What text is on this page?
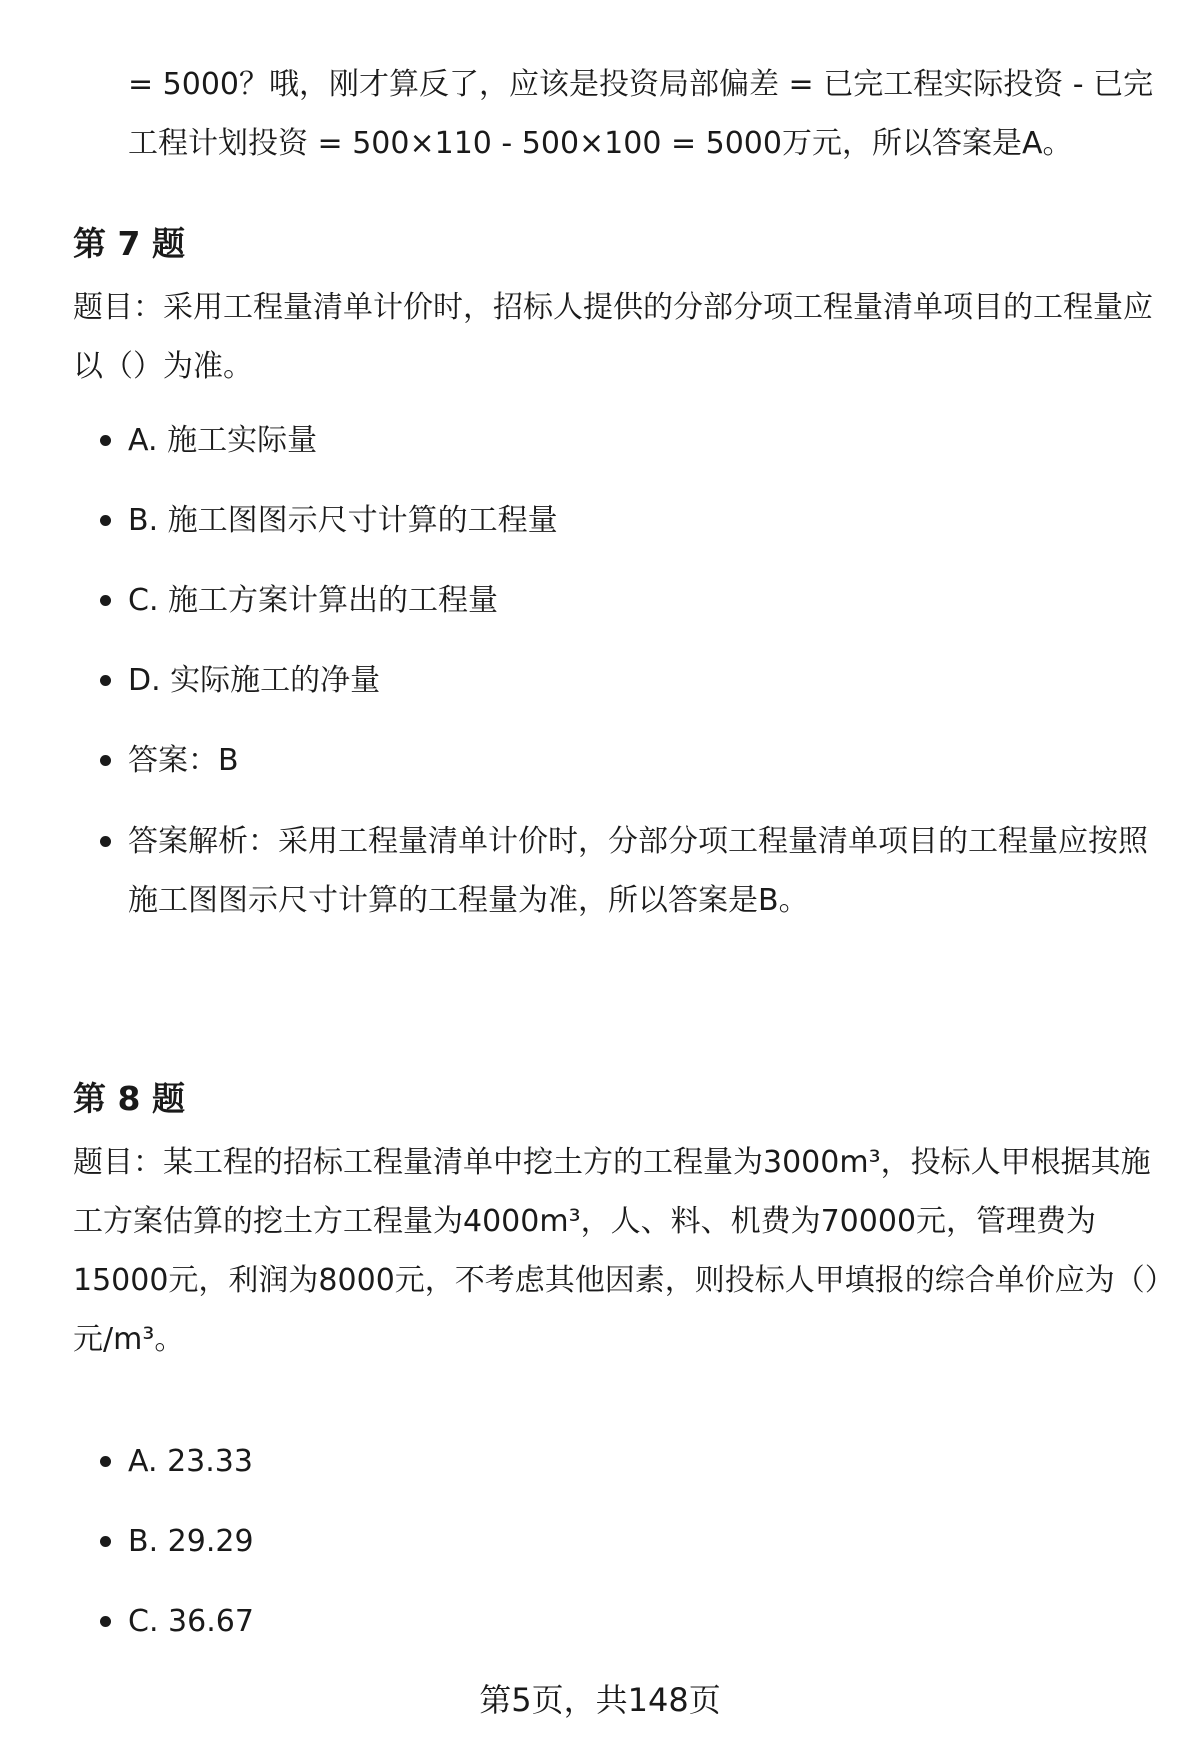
= 5000？哦，刚才算反了，应该是投资局部偏差 = 已完工程实际投资 - 已完工程计划投资 = 500×110 - 500×100 = 5000万元，所以答案是A。

第 7 题

题目：采用工程量清单计价时，招标人提供的分部分项工程量清单项目的工程量应以（）为准。

A. 施工实际量
B. 施工图图示尺寸计算的工程量
C. 施工方案计算出的工程量
D. 实际施工的净量
答案：B
答案解析：采用工程量清单计价时，分部分项工程量清单项目的工程量应按照施工图图示尺寸计算的工程量为准，所以答案是B。
第 8 题

题目：某工程的招标工程量清单中挖土方的工程量为3000m³，投标人甲根据其施工方案估算的挖土方工程量为4000m³，人、料、机费为70000元，管理费为15000元，利润为8000元，不考虑其他因素，则投标人甲填报的综合单价应为（）元/m³。

A. 23.33
B. 29.29
C. 36.67
第5页，共148页
